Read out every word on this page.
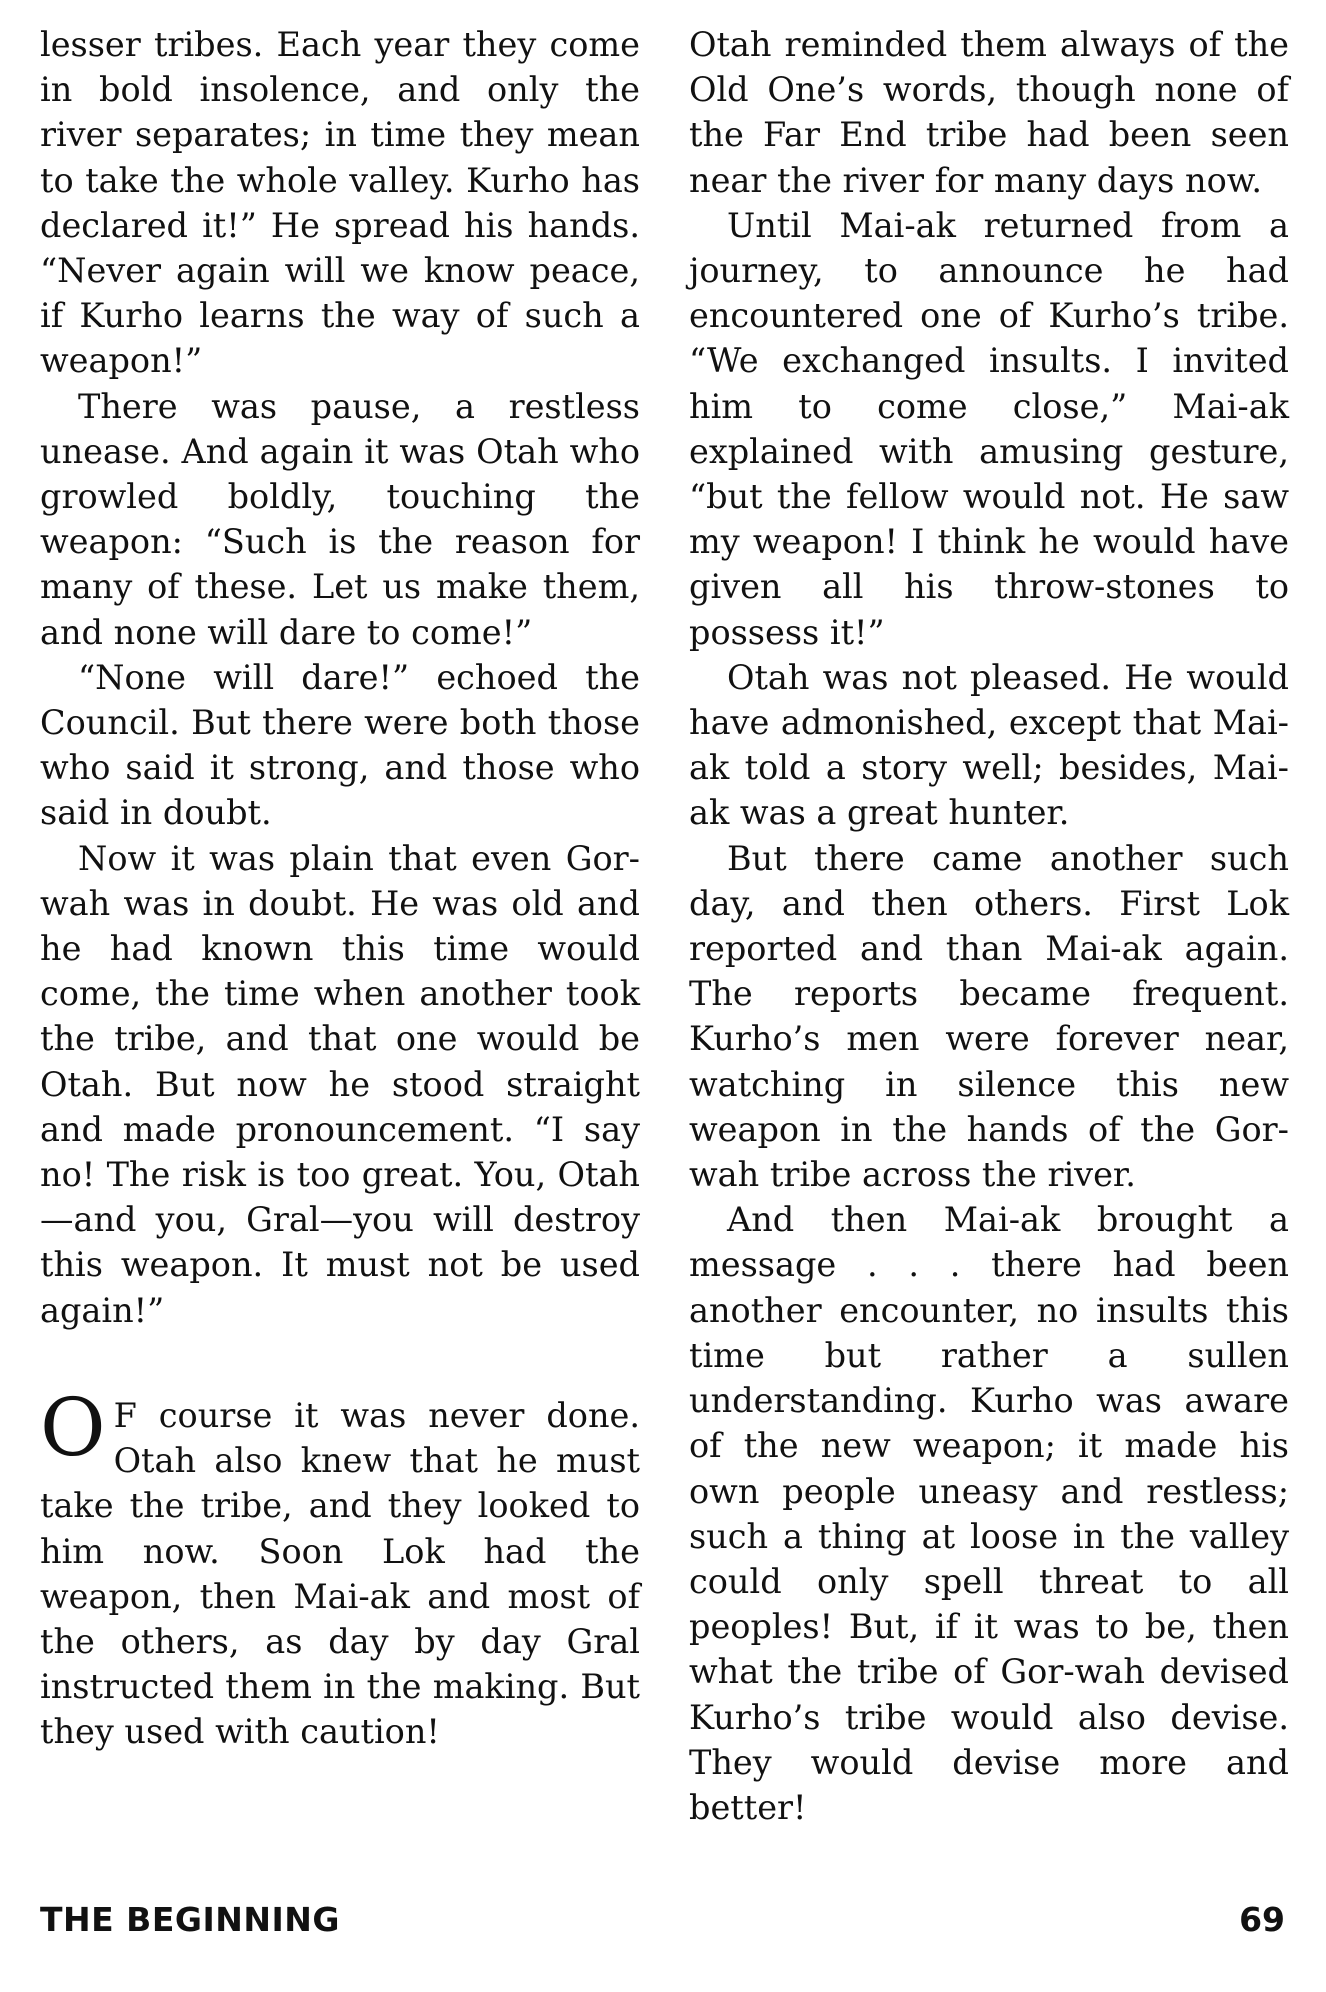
lesser tribes. Each year they come in bold insolence, and only the river separates; in time they mean to take the whole valley. Kurho has declared it!” He spread his hands. “Never again will we know peace, if Kurho learns the way of such a weapon!”

There was pause, a restless unease. And again it was Otah who growled boldly, touching the weapon: “Such is the reason for many of these. Let us make them, and none will dare to come!”

“None will dare!” echoed the Council. But there were both those who said it strong, and those who said in doubt.

Now it was plain that even Gor-wah was in doubt. He was old and he had known this time would come, the time when another took the tribe, and that one would be Otah. But now he stood straight and made pronouncement. “I say no! The risk is too great. You, Otah—and you, Gral—you will destroy this weapon. It must not be used again!”

O F course it was never done. Otah also knew that he must take the tribe, and they looked to him now. Soon Lok had the weapon, then Mai-ak and most of the others, as day by day Gral instructed them in the making. But they used with caution!

Otah reminded them always of the Old One’s words, though none of the Far End tribe had been seen near the river for many days now.

Until Mai-ak returned from a journey, to announce he had encountered one of Kurho’s tribe. “We exchanged insults. I invited him to come close,” Mai-ak explained with amusing gesture, “but the fellow would not. He saw my weapon! I think he would have given all his throw-stones to possess it!”

Otah was not pleased. He would have admonished, except that Mai-ak told a story well; besides, Mai-ak was a great hunter.

But there came another such day, and then others. First Lok reported and than Mai-ak again. The reports became frequent. Kurho’s men were forever near, watching in silence this new weapon in the hands of the Gor-wah tribe across the river.

And then Mai-ak brought a message . . . there had been another encounter, no insults this time but rather a sullen understanding. Kurho was aware of the new weapon; it made his own people uneasy and restless; such a thing at loose in the valley could only spell threat to all peoples! But, if it was to be, then what the tribe of Gor-wah devised Kurho’s tribe would also devise. They would devise more and better!

THE BEGINNING	69
